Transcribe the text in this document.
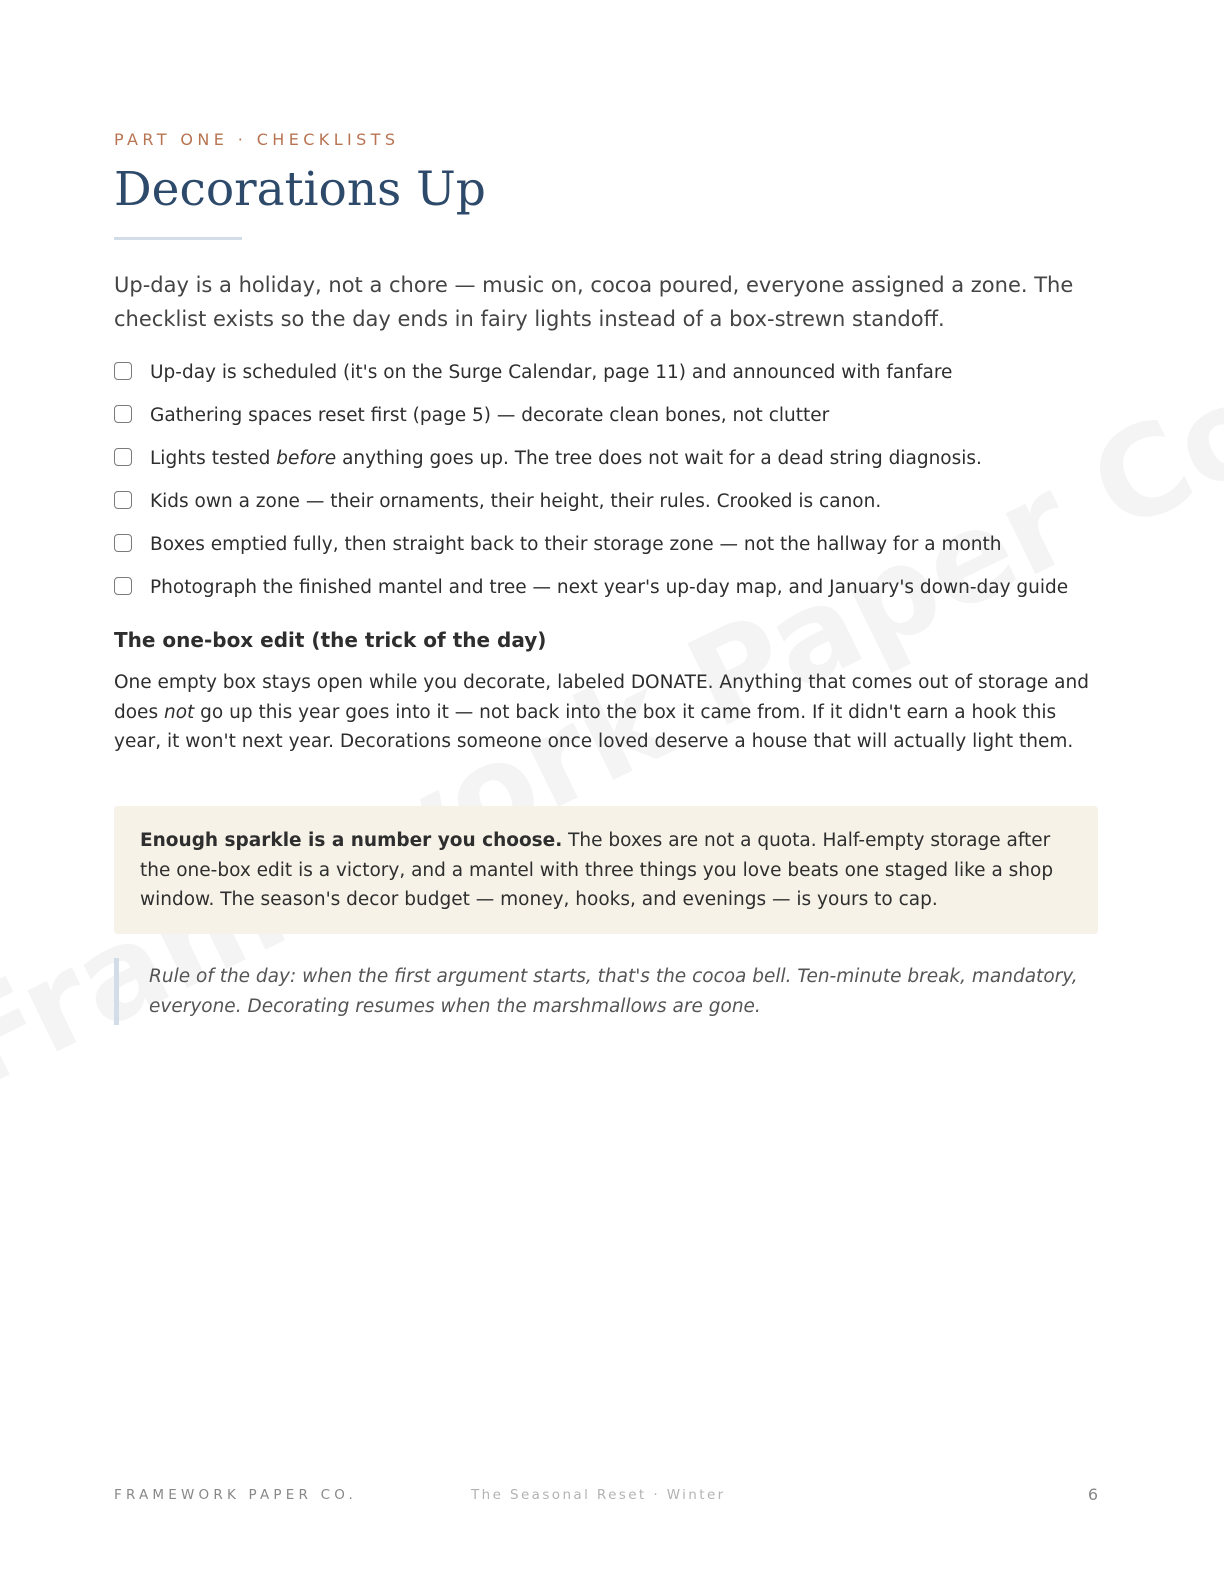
PART ONE · CHECKLISTS
Decorations Up

Up-day is a holiday, not a chore — music on, cocoa poured, everyone assigned a zone. The checklist exists so the day ends in fairy lights instead of a box-strewn standoff.

Up-day is scheduled (it's on the Surge Calendar, page 11) and announced with fanfare
Gathering spaces reset first (page 5) — decorate clean bones, not clutter
Lights tested before anything goes up. The tree does not wait for a dead string diagnosis.
Kids own a zone — their ornaments, their height, their rules. Crooked is canon.
Boxes emptied fully, then straight back to their storage zone — not the hallway for a month
Photograph the finished mantel and tree — next year's up-day map, and January's down-day guide
The one-box edit (the trick of the day)

One empty box stays open while you decorate, labeled DONATE. Anything that comes out of storage and does not go up this year goes into it — not back into the box it came from. If it didn't earn a hook this year, it won't next year. Decorations someone once loved deserve a house that will actually light them.

Enough sparkle is a number you choose. The boxes are not a quota. Half-empty storage after the one-box edit is a victory, and a mantel with three things you love beats one staged like a shop window. The season's decor budget — money, hooks, and evenings — is yours to cap.
Rule of the day: when the first argument starts, that's the cocoa bell. Ten-minute break, mandatory, everyone. Decorating resumes when the marshmallows are gone.
FRAMEWORK PAPER CO.	The Seasonal Reset · Winter	6
